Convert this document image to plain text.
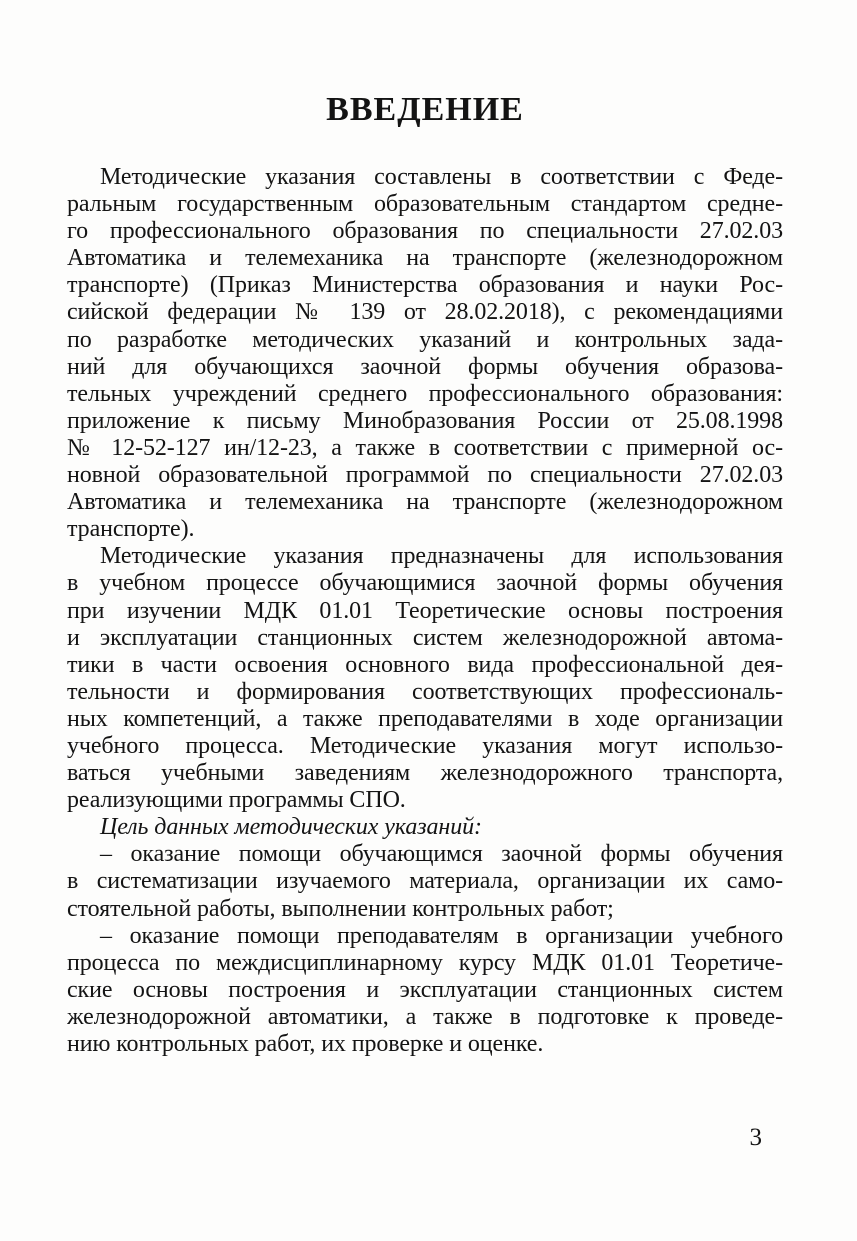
ВВЕДЕНИЕ
Методические указания составлены в соответствии с Феде-
ральным государственным образовательным стандартом средне-
го профессионального образования по специальности 27.02.03
Автоматика и телемеханика на транспорте (железнодорожном
транспорте) (Приказ Министерства образования и науки Рос-
сийской федерации № 139 от 28.02.2018), с рекомендациями
по разработке методических указаний и контрольных зада-
ний для обучающихся заочной формы обучения образова-
тельных учреждений среднего профессионального образования:
приложение к письму Минобразования России от 25.08.1998
№ 12-52-127 ин/12-23, а также в соответствии с примерной ос-
новной образовательной программой по специальности 27.02.03
Автоматика и телемеханика на транспорте (железнодорожном
транспорте).
Методические указания предназначены для использования
в учебном процессе обучающимися заочной формы обучения
при изучении МДК 01.01 Теоретические основы построения
и эксплуатации станционных систем железнодорожной автома-
тики в части освоения основного вида профессиональной дея-
тельности и формирования соответствующих профессиональ-
ных компетенций, а также преподавателями в ходе организации
учебного процесса. Методические указания могут использо-
ваться учебными заведениям железнодорожного транспорта,
реализующими программы СПО.
Цель данных методических указаний:
– оказание помощи обучающимся заочной формы обучения
в систематизации изучаемого материала, организации их само-
стоятельной работы, выполнении контрольных работ;
– оказание помощи преподавателям в организации учебного
процесса по междисциплинарному курсу МДК 01.01 Теоретиче-
ские основы построения и эксплуатации станционных систем
железнодорожной автоматики, а также в подготовке к проведе-
нию контрольных работ, их проверке и оценке.
3
